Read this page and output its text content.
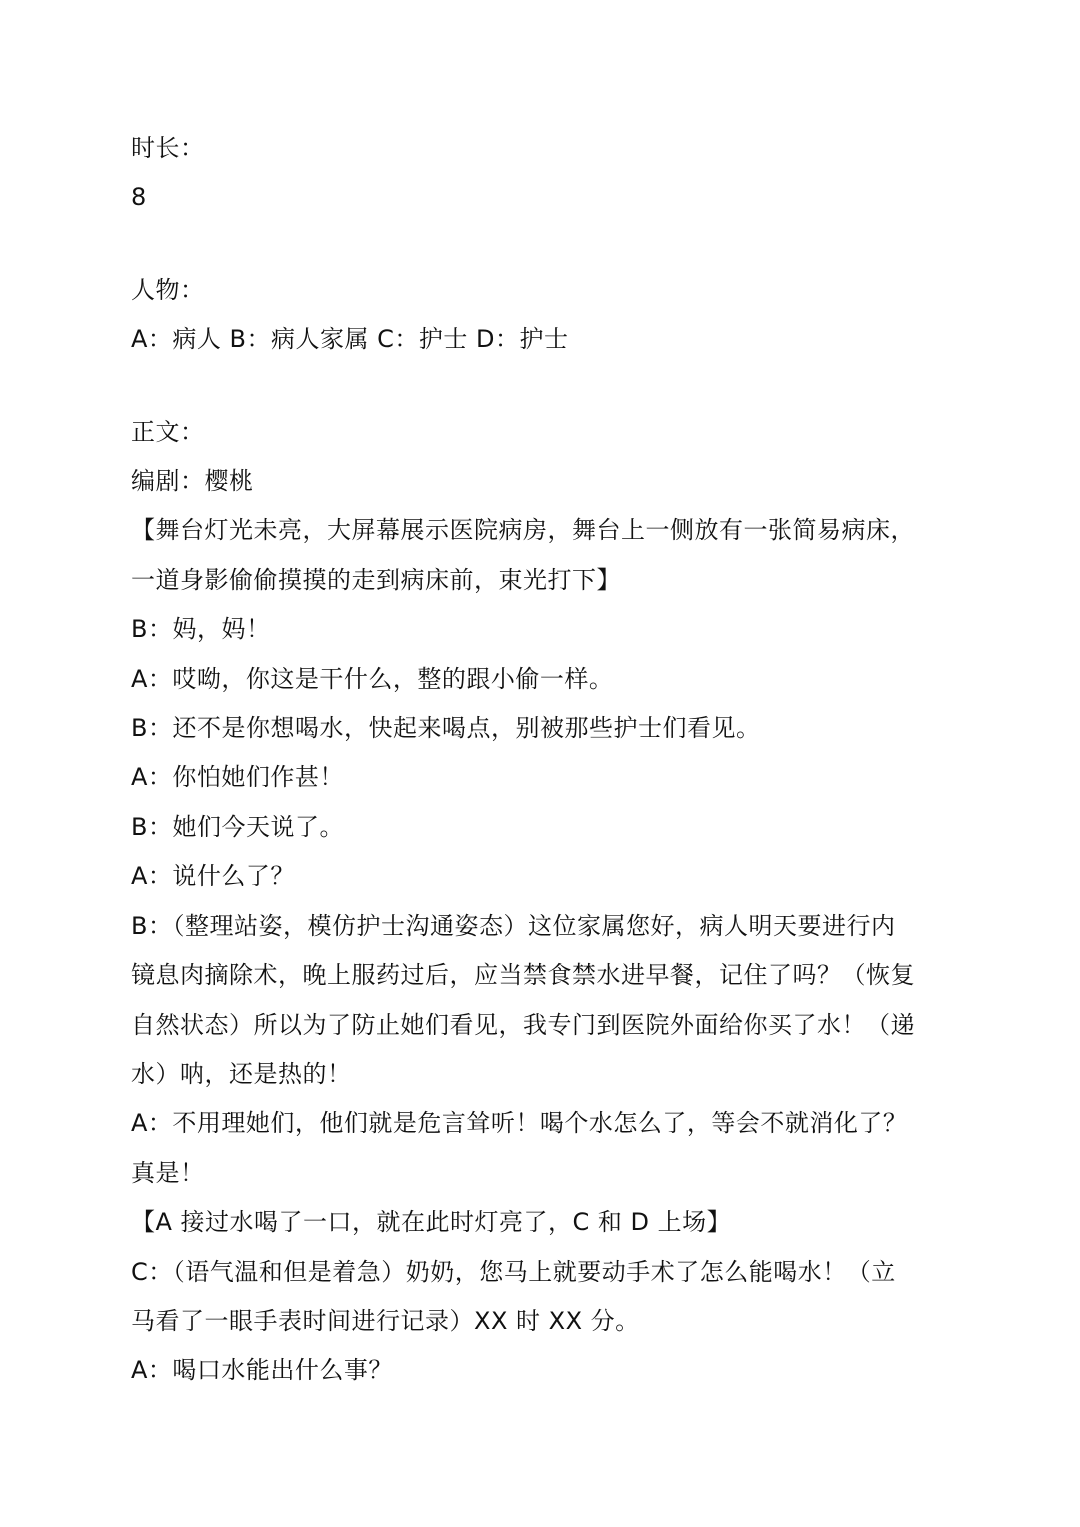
时长：
8
人物：
A：病人 B：病人家属 C：护士 D：护士
正文：
编剧：樱桃
【舞台灯光未亮，大屏幕展示医院病房，舞台上一侧放有一张简易病床，
一道身影偷偷摸摸的走到病床前，束光打下】
B：妈，妈！
A：哎呦，你这是干什么，整的跟小偷一样。
B：还不是你想喝水，快起来喝点，别被那些护士们看见。
A：你怕她们作甚！
B：她们今天说了。
A：说什么了？
B：（整理站姿，模仿护士沟通姿态）这位家属您好，病人明天要进行内
镜息肉摘除术，晚上服药过后，应当禁食禁水进早餐，记住了吗？（恢复
自然状态）所以为了防止她们看见，我专门到医院外面给你买了水！（递
水）呐，还是热的！
A：不用理她们，他们就是危言耸听！喝个水怎么了，等会不就消化了？
真是！
【A 接过水喝了一口，就在此时灯亮了，C 和 D 上场】
C：（语气温和但是着急）奶奶，您马上就要动手术了怎么能喝水！（立
马看了一眼手表时间进行记录）XX 时 XX 分。
A：喝口水能出什么事？
